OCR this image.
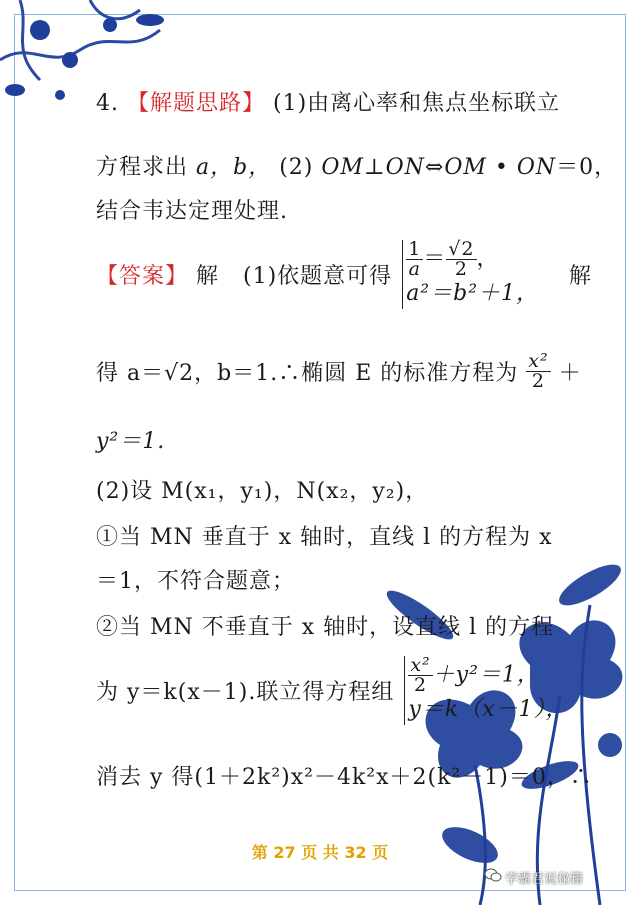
4. 【解题思路】 (1)由离心率和焦点坐标联立
方程求出 a，b， (2) OM⊥ON⇔OM • ON＝0，
结合韦达定理处理.
【答案】 解 (1)依题意可得 $\frac{1}{a} = \frac{√2}{2}$ ，
a²＝b²＋1，
解
得 a＝√2，b＝1.∴椭圆 E 的标准方程为 $\frac{\text{x²}}{2}$ ＋
y²＝1.
(2)设 M(x₁，y₁)，N(x₂，y₂)，
①当 MN 垂直于 x 轴时，直线 l 的方程为 x
＝1，不符合题意；
②当 MN 不垂直于 x 轴时，设直线 l 的方程
为 y＝k(x－1).联立得方程组 $\frac{\text{x²}}{2} +y^2=1$，
y＝k（x－1），
消去 y 得(1＋2k²)x²－4k²x＋2(k²－1)＝0，∴
第 27 页 共 32 页
学霸君说秘籍
